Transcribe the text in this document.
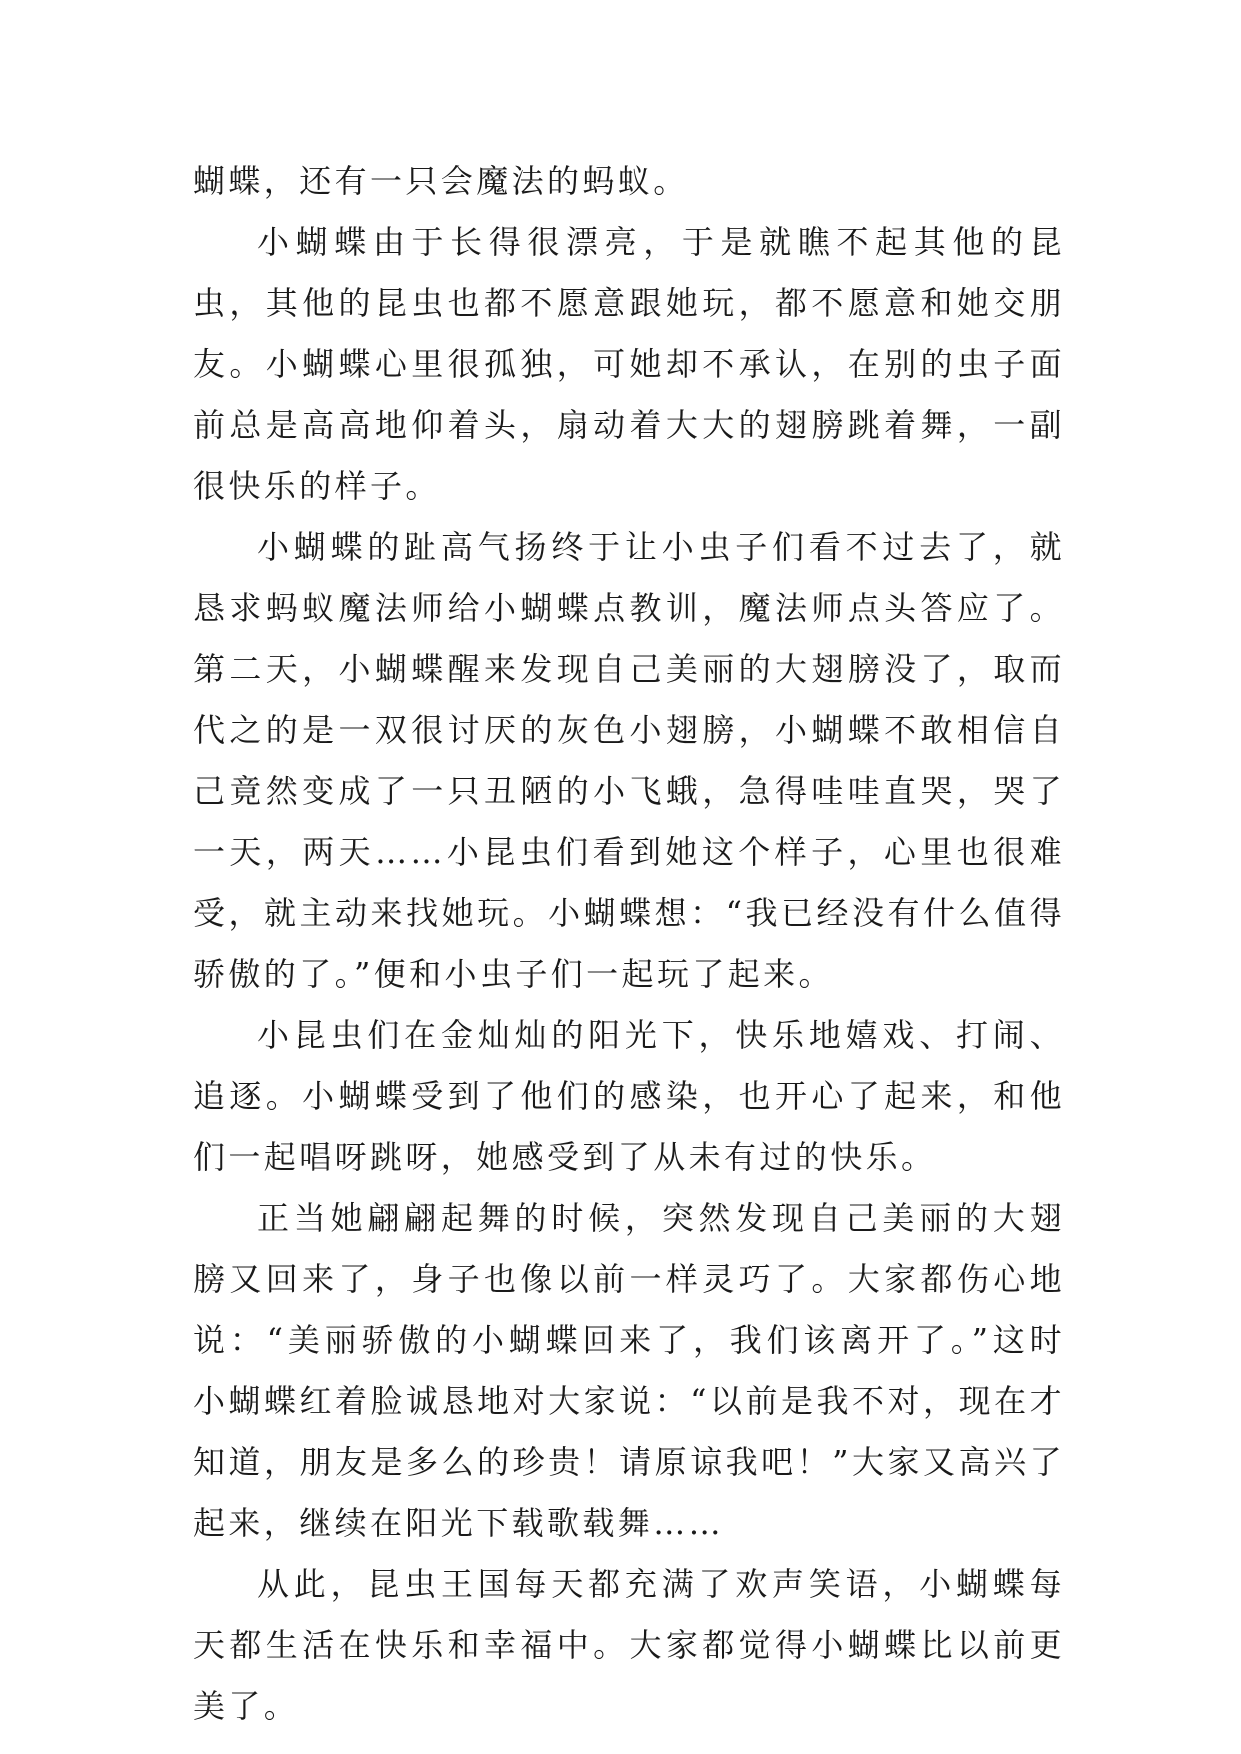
蝴蝶，还有一只会魔法的蚂蚁。

小蝴蝶由于长得很漂亮，于是就瞧不起其他的昆虫，其他的昆虫也都不愿意跟她玩，都不愿意和她交朋友。小蝴蝶心里很孤独，可她却不承认，在别的虫子面前总是高高地仰着头，扇动着大大的翅膀跳着舞，一副很快乐的样子。

小蝴蝶的趾高气扬终于让小虫子们看不过去了，就恳求蚂蚁魔法师给小蝴蝶点教训，魔法师点头答应了。第二天，小蝴蝶醒来发现自己美丽的大翅膀没了，取而代之的是一双很讨厌的灰色小翅膀，小蝴蝶不敢相信自己竟然变成了一只丑陋的小飞蛾，急得哇哇直哭，哭了一天，两天……小昆虫们看到她这个样子，心里也很难受，就主动来找她玩。小蝴蝶想：“我已经没有什么值得骄傲的了。”便和小虫子们一起玩了起来。

小昆虫们在金灿灿的阳光下，快乐地嬉戏、打闹、追逐。小蝴蝶受到了他们的感染，也开心了起来，和他们一起唱呀跳呀，她感受到了从未有过的快乐。

正当她翩翩起舞的时候，突然发现自己美丽的大翅膀又回来了，身子也像以前一样灵巧了。大家都伤心地说：“美丽骄傲的小蝴蝶回来了，我们该离开了。”这时小蝴蝶红着脸诚恳地对大家说：“以前是我不对，现在才知道，朋友是多么的珍贵！请原谅我吧！”大家又高兴了起来，继续在阳光下载歌载舞……

从此，昆虫王国每天都充满了欢声笑语，小蝴蝶每天都生活在快乐和幸福中。大家都觉得小蝴蝶比以前更美了。
